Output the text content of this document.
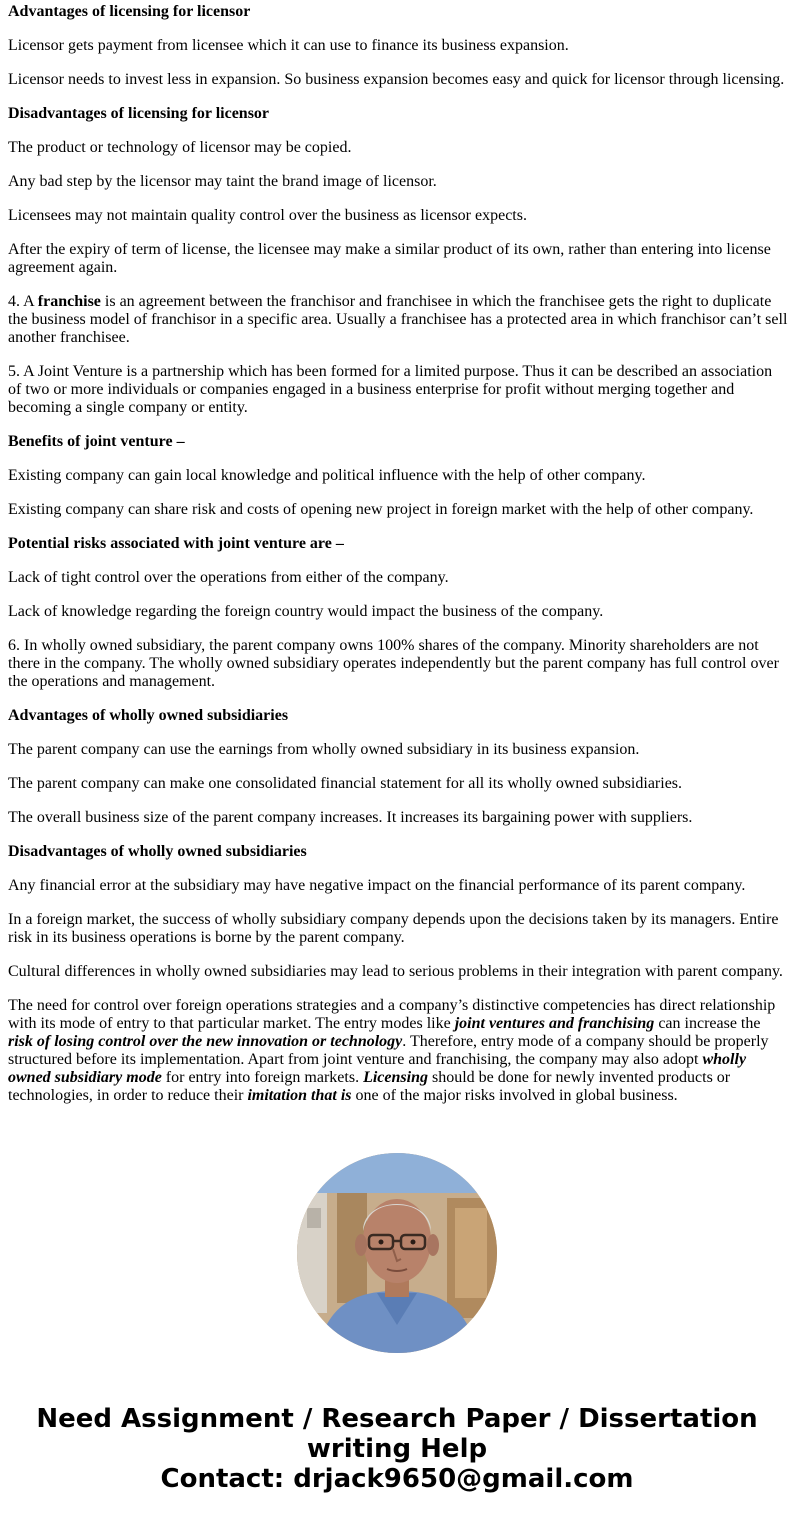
Advantages of licensing for licensor

Licensor gets payment from licensee which it can use to finance its business expansion.

Licensor needs to invest less in expansion. So business expansion becomes easy and quick for licensor through licensing.

Disadvantages of licensing for licensor

The product or technology of licensor may be copied.

Any bad step by the licensor may taint the brand image of licensor.

Licensees may not maintain quality control over the business as licensor expects.

After the expiry of term of license, the licensee may make a similar product of its own, rather than entering into license agreement again.

4. A franchise is an agreement between the franchisor and franchisee in which the franchisee gets the right to duplicate the business model of franchisor in a specific area. Usually a franchisee has a protected area in which franchisor can’t sell another franchisee.

5. A Joint Venture is a partnership which has been formed for a limited purpose. Thus it can be described an association of two or more individuals or companies engaged in a business enterprise for profit without merging together and becoming a single company or entity.

Benefits of joint venture –

Existing company can gain local knowledge and political influence with the help of other company.

Existing company can share risk and costs of opening new project in foreign market with the help of other company.

Potential risks associated with joint venture are –

Lack of tight control over the operations from either of the company.

Lack of knowledge regarding the foreign country would impact the business of the company.

6. In wholly owned subsidiary, the parent company owns 100% shares of the company. Minority shareholders are not there in the company. The wholly owned subsidiary operates independently but the parent company has full control over the operations and management.

Advantages of wholly owned subsidiaries

The parent company can use the earnings from wholly owned subsidiary in its business expansion.

The parent company can make one consolidated financial statement for all its wholly owned subsidiaries.

The overall business size of the parent company increases. It increases its bargaining power with suppliers.

Disadvantages of wholly owned subsidiaries

Any financial error at the subsidiary may have negative impact on the financial performance of its parent company.

In a foreign market, the success of wholly subsidiary company depends upon the decisions taken by its managers. Entire risk in its business operations is borne by the parent company.

Cultural differences in wholly owned subsidiaries may lead to serious problems in their integration with parent company.

The need for control over foreign operations strategies and a company’s distinctive competencies has direct relationship with its mode of entry to that particular market. The entry modes like joint ventures and franchising can increase the risk of losing control over the new innovation or technology. Therefore, entry mode of a company should be properly structured before its implementation. Apart from joint venture and franchising, the company may also adopt wholly owned subsidiary mode for entry into foreign markets. Licensing should be done for newly invented products or technologies, in order to reduce their imitation that is one of the major risks involved in global business.

Need Assignment / Research Paper / Dissertation
writing Help
Contact: drjack9650@gmail.com
